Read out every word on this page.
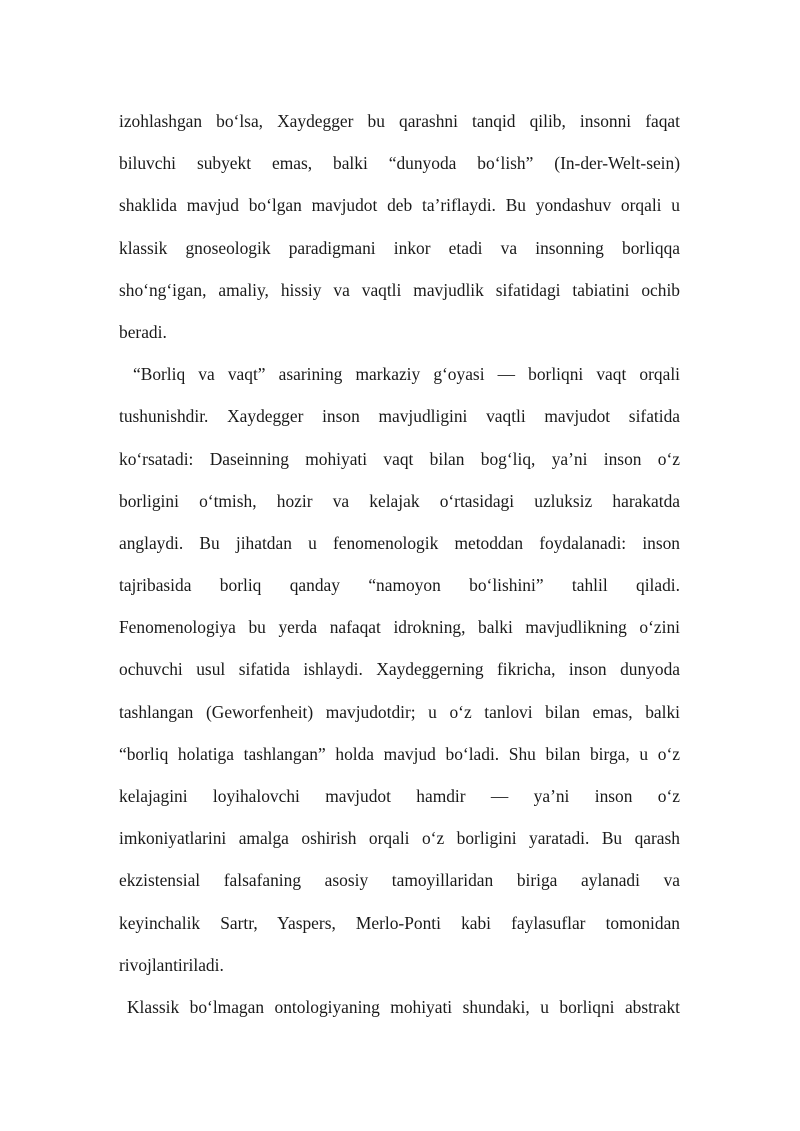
izohlashgan bo‘lsa, Xaydegger bu qarashni tanqid qilib, insonni faqat
biluvchi subyekt emas, balki “dunyoda bo‘lish” (In-der-Welt-sein)
shaklida mavjud bo‘lgan mavjudot deb ta’riflaydi. Bu yondashuv orqali u
klassik gnoseologik paradigmani inkor etadi va insonning borliqqa
sho‘ng‘igan, amaliy, hissiy va vaqtli mavjudlik sifatidagi tabiatini ochib
beradi.
“Borliq va vaqt” asarining markaziy g‘oyasi — borliqni vaqt orqali
tushunishdir. Xaydegger inson mavjudligini vaqtli mavjudot sifatida
ko‘rsatadi: Daseinning mohiyati vaqt bilan bog‘liq, ya’ni inson o‘z
borligini o‘tmish, hozir va kelajak o‘rtasidagi uzluksiz harakatda
anglaydi. Bu jihatdan u fenomenologik metoddan foydalanadi: inson
tajribasida borliq qanday “namoyon bo‘lishini” tahlil qiladi.
Fenomenologiya bu yerda nafaqat idrokning, balki mavjudlikning o‘zini
ochuvchi usul sifatida ishlaydi. Xaydeggerning fikricha, inson dunyoda
tashlangan (Geworfenheit) mavjudotdir; u o‘z tanlovi bilan emas, balki
“borliq holatiga tashlangan” holda mavjud bo‘ladi. Shu bilan birga, u o‘z
kelajagini loyihalovchi mavjudot hamdir — ya’ni inson o‘z
imkoniyatlarini amalga oshirish orqali o‘z borligini yaratadi. Bu qarash
ekzistensial falsafaning asosiy tamoyillaridan biriga aylanadi va
keyinchalik Sartr, Yaspers, Merlo-Ponti kabi faylasuflar tomonidan
rivojlantiriladi.
Klassik bo‘lmagan ontologiyaning mohiyati shundaki, u borliqni abstrakt
